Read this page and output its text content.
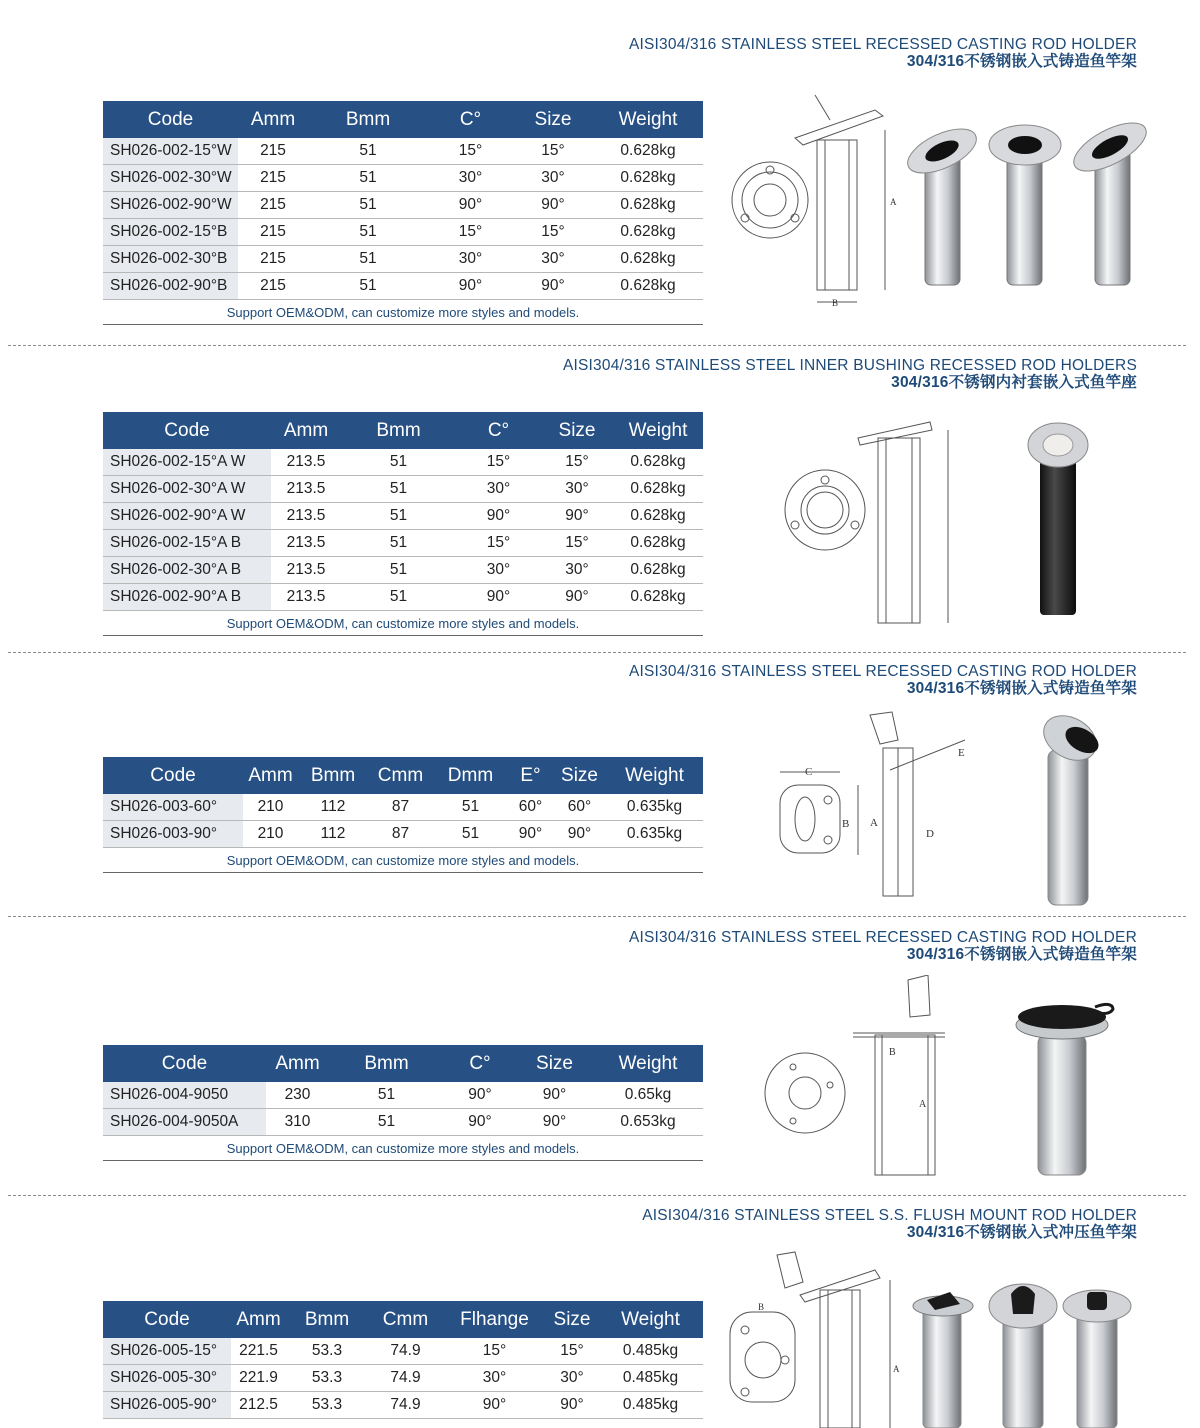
AISI304/316 STAINLESS STEEL RECESSED CASTING ROD HOLDER
304/316不锈钢嵌入式铸造鱼竿架
Code	Amm	Bmm	C°	Size	Weight
SH026-002-15°W	215	51	15°	15°	0.628kg
SH026-002-30°W	215	51	30°	30°	0.628kg
SH026-002-90°W	215	51	90°	90°	0.628kg
SH026-002-15°B	215	51	15°	15°	0.628kg
SH026-002-30°B	215	51	30°	30°	0.628kg
SH026-002-90°B	215	51	90°	90°	0.628kg
Support OEM&ODM, can customize more styles and models.					
A
B
AISI304/316 STAINLESS STEEL INNER BUSHING RECESSED ROD HOLDERS
304/316不锈钢内衬套嵌入式鱼竿座
Code	Amm	Bmm	C°	Size	Weight
SH026-002-15°A W	213.5	51	15°	15°	0.628kg
SH026-002-30°A W	213.5	51	30°	30°	0.628kg
SH026-002-90°A W	213.5	51	90°	90°	0.628kg
SH026-002-15°A B	213.5	51	15°	15°	0.628kg
SH026-002-30°A B	213.5	51	30°	30°	0.628kg
SH026-002-90°A B	213.5	51	90°	90°	0.628kg
Support OEM&ODM, can customize more styles and models.					
AISI304/316 STAINLESS STEEL RECESSED CASTING ROD HOLDER
304/316不锈钢嵌入式铸造鱼竿架
Code	Amm	Bmm	Cmm	Dmm	E°	Size	Weight
SH026-003-60°	210	112	87	51	60°	60°	0.635kg
SH026-003-90°	210	112	87	51	90°	90°	0.635kg
Support OEM&ODM, can customize more styles and models.							
C
B A
D
E
AISI304/316 STAINLESS STEEL RECESSED CASTING ROD HOLDER
304/316不锈钢嵌入式铸造鱼竿架
Code	Amm	Bmm	C°	Size	Weight
SH026-004-9050	230	51	90°	90°	0.65kg
SH026-004-9050A	310	51	90°	90°	0.653kg
Support OEM&ODM, can customize more styles and models.					
B
A
AISI304/316 STAINLESS STEEL S.S. FLUSH MOUNT ROD HOLDER
304/316不锈钢嵌入式冲压鱼竿架
Code	Amm	Bmm	Cmm	Flhange	Size	Weight
SH026-005-15°	221.5	53.3	74.9	15°	15°	0.485kg
SH026-005-30°	221.9	53.3	74.9	30°	30°	0.485kg
SH026-005-90°	212.5	53.3	74.9	90°	90°	0.485kg
B
A
